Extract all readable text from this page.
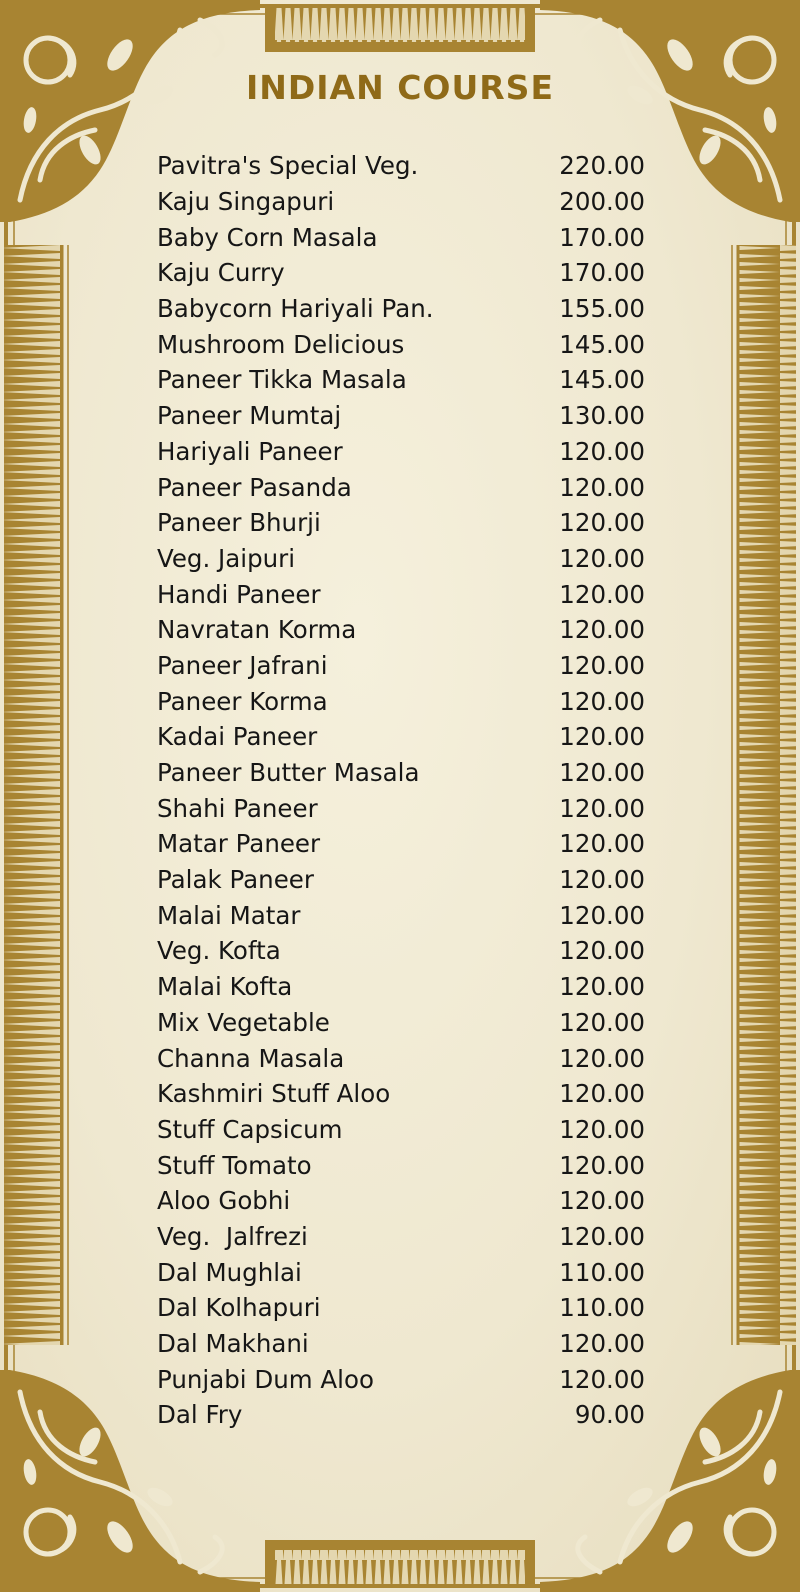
INDIAN COURSE
Pavitra's Special Veg.	220.00
Kaju Singapuri	200.00
Baby Corn Masala	170.00
Kaju Curry	170.00
Babycorn Hariyali Pan.	155.00
Mushroom Delicious	145.00
Paneer Tikka Masala	145.00
Paneer Mumtaj	130.00
Hariyali Paneer	120.00
Paneer Pasanda	120.00
Paneer Bhurji	120.00
Veg. Jaipuri	120.00
Handi Paneer	120.00
Navratan Korma	120.00
Paneer Jafrani	120.00
Paneer Korma	120.00
Kadai Paneer	120.00
Paneer Butter Masala	120.00
Shahi Paneer	120.00
Matar Paneer	120.00
Palak Paneer	120.00
Malai Matar	120.00
Veg. Kofta	120.00
Malai Kofta	120.00
Mix Vegetable	120.00
Channa Masala	120.00
Kashmiri Stuff Aloo	120.00
Stuff Capsicum	120.00
Stuff Tomato	120.00
Aloo Gobhi	120.00
Veg.  Jalfrezi	120.00
Dal Mughlai	110.00
Dal Kolhapuri	110.00
Dal Makhani	120.00
Punjabi Dum Aloo	120.00
Dal Fry	90.00
